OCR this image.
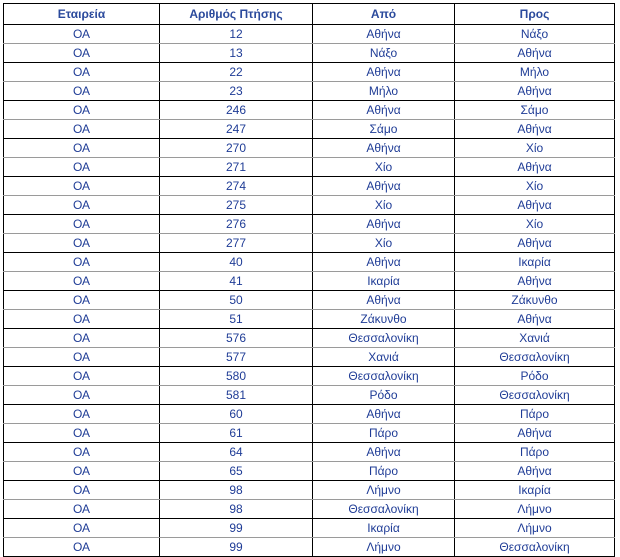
Εταιρεία	Αριθμός Πτήσης	Από	Προς
ΟΑ	12	Αθήνα	Νάξο
ΟΑ	13	Νάξο	Αθήνα
ΟΑ	22	Αθήνα	Μήλο
ΟΑ	23	Μήλο	Αθήνα
ΟΑ	246	Αθήνα	Σάμο
ΟΑ	247	Σάμο	Αθήνα
ΟΑ	270	Αθήνα	Χίο
ΟΑ	271	Χίο	Αθήνα
ΟΑ	274	Αθήνα	Χίο
ΟΑ	275	Χίο	Αθήνα
ΟΑ	276	Αθήνα	Χίο
ΟΑ	277	Χίο	Αθήνα
ΟΑ	40	Αθήνα	Ικαρία
ΟΑ	41	Ικαρία	Αθήνα
ΟΑ	50	Αθήνα	Ζάκυνθο
ΟΑ	51	Ζάκυνθο	Αθήνα
ΟΑ	576	Θεσσαλονίκη	Χανιά
ΟΑ	577	Χανιά	Θεσσαλονίκη
ΟΑ	580	Θεσσαλονίκη	Ρόδο
ΟΑ	581	Ρόδο	Θεσσαλονίκη
ΟΑ	60	Αθήνα	Πάρο
ΟΑ	61	Πάρο	Αθήνα
ΟΑ	64	Αθήνα	Πάρο
ΟΑ	65	Πάρο	Αθήνα
ΟΑ	98	Λήμνο	Ικαρία
ΟΑ	98	Θεσσαλονίκη	Λήμνο
ΟΑ	99	Ικαρία	Λήμνο
ΟΑ	99	Λήμνο	Θεσσαλονίκη
